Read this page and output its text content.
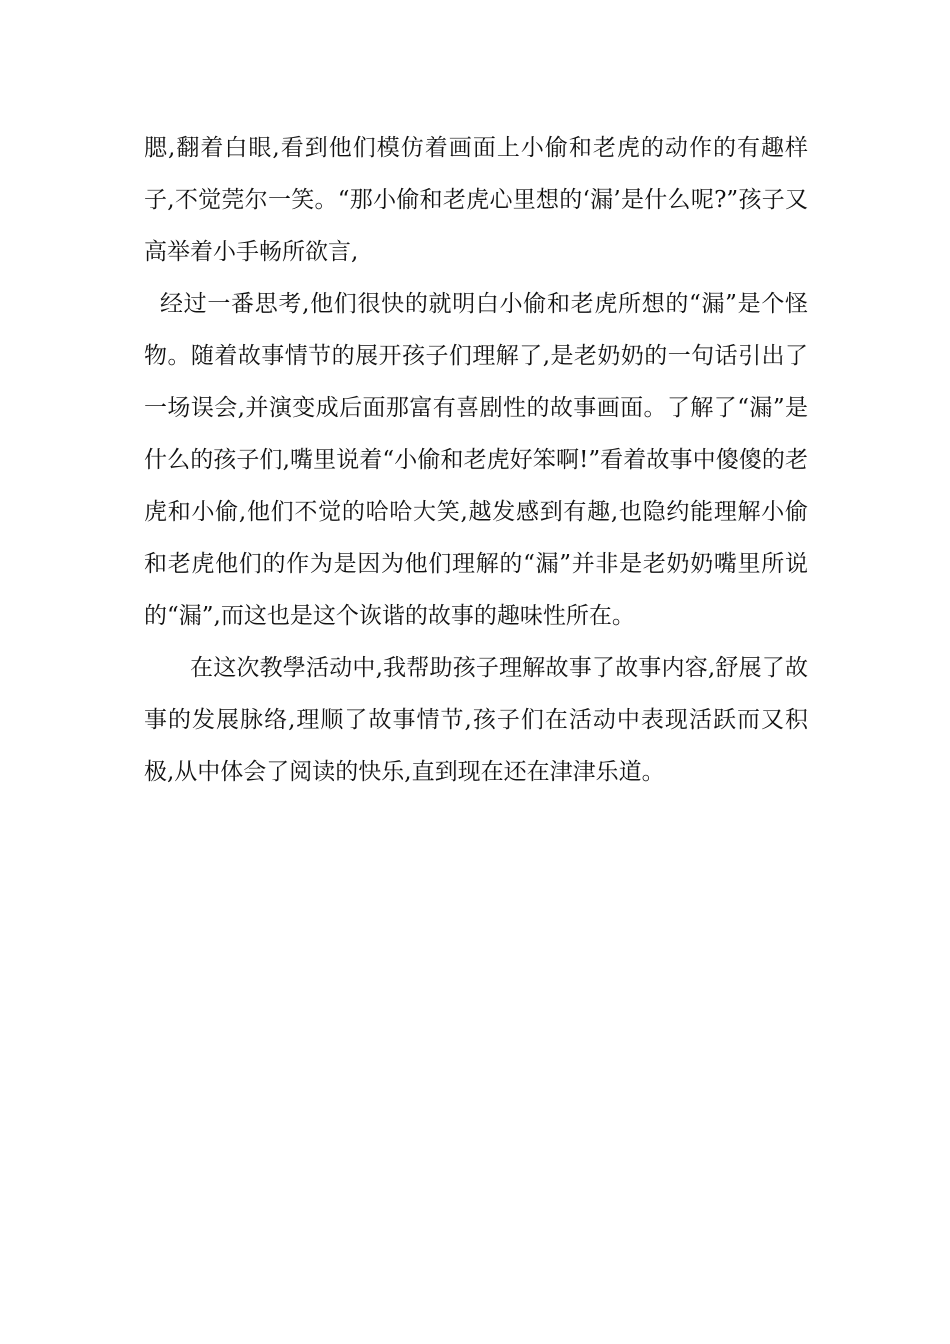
腮,翻着白眼,看到他们模仿着画面上小偷和老虎的动作的有趣样子,不觉莞尔一笑。“那小偷和老虎心里想的‘漏’是什么呢?”孩子又高举着小手畅所欲言,

经过一番思考,他们很快的就明白小偷和老虎所想的“漏”是个怪物。随着故事情节的展开孩子们理解了,是老奶奶的一句话引出了一场误会,并演变成后面那富有喜剧性的故事画面。了解了“漏”是什么的孩子们,嘴里说着“小偷和老虎好笨啊!”看着故事中傻傻的老虎和小偷,他们不觉的哈哈大笑,越发感到有趣,也隐约能理解小偷和老虎他们的作为是因为他们理解的“漏”并非是老奶奶嘴里所说的“漏”,而这也是这个诙谐的故事的趣味性所在。

在这次教學活动中,我帮助孩子理解故事了故事内容,舒展了故事的发展脉络,理顺了故事情节,孩子们在活动中表现活跃而又积极,从中体会了阅读的快乐,直到现在还在津津乐道。
